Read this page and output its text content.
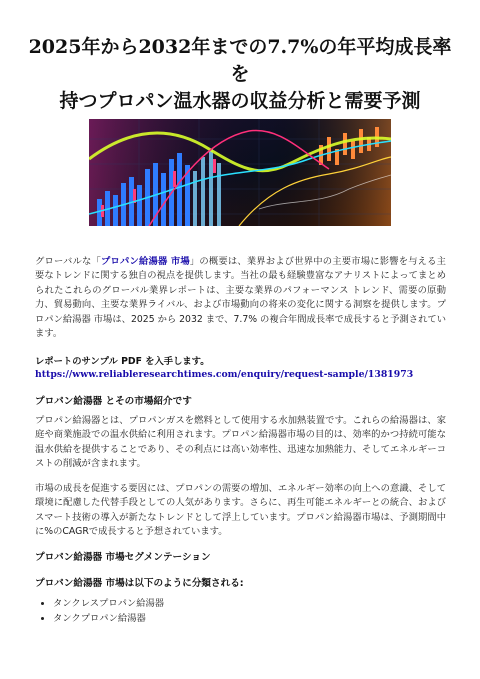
2025年から2032年までの7.7%の年平均成長率を
持つプロパン温水器の収益分析と需要予測

グローバルな「プロパン給湯器 市場」の概要は、業界および世界中の主要市場に影響を与える主要なトレンドに関する独自の視点を提供します。当社の最も経験豊富なアナリストによってまとめられたこれらのグローバル業界レポートは、主要な業界のパフォーマンス トレンド、需要の原動力、貿易動向、主要な業界ライバル、および市場動向の将来の変化に関する洞察を提供します。プロパン給湯器 市場は、2025 から 2032 まで、7.7% の複合年間成長率で成長すると予測されています。

レポートのサンプル PDF を入手します。 https://www.reliableresearchtimes.com/enquiry/request-sample/1381973

プロパン給湯器 とその市場紹介です

プロパン給湯器とは、プロパンガスを燃料として使用する水加熱装置です。これらの給湯器は、家庭や商業施設での温水供給に利用されます。プロパン給湯器市場の目的は、効率的かつ持続可能な温水供給を提供することであり、その利点には高い効率性、迅速な加熱能力、そしてエネルギーコストの削減が含まれます。

市場の成長を促進する要因には、プロパンの需要の増加、エネルギー効率の向上への意識、そして環境に配慮した代替手段としての人気があります。さらに、再生可能エネルギーとの統合、およびスマート技術の導入が新たなトレンドとして浮上しています。プロパン給湯器市場は、予測期間中に%のCAGRで成長すると予想されています。

プロパン給湯器 市場セグメンテーション
プロパン給湯器 市場は以下のように分類される:
• タンクレスプロパン給湯器
• タンクプロパン給湯器
